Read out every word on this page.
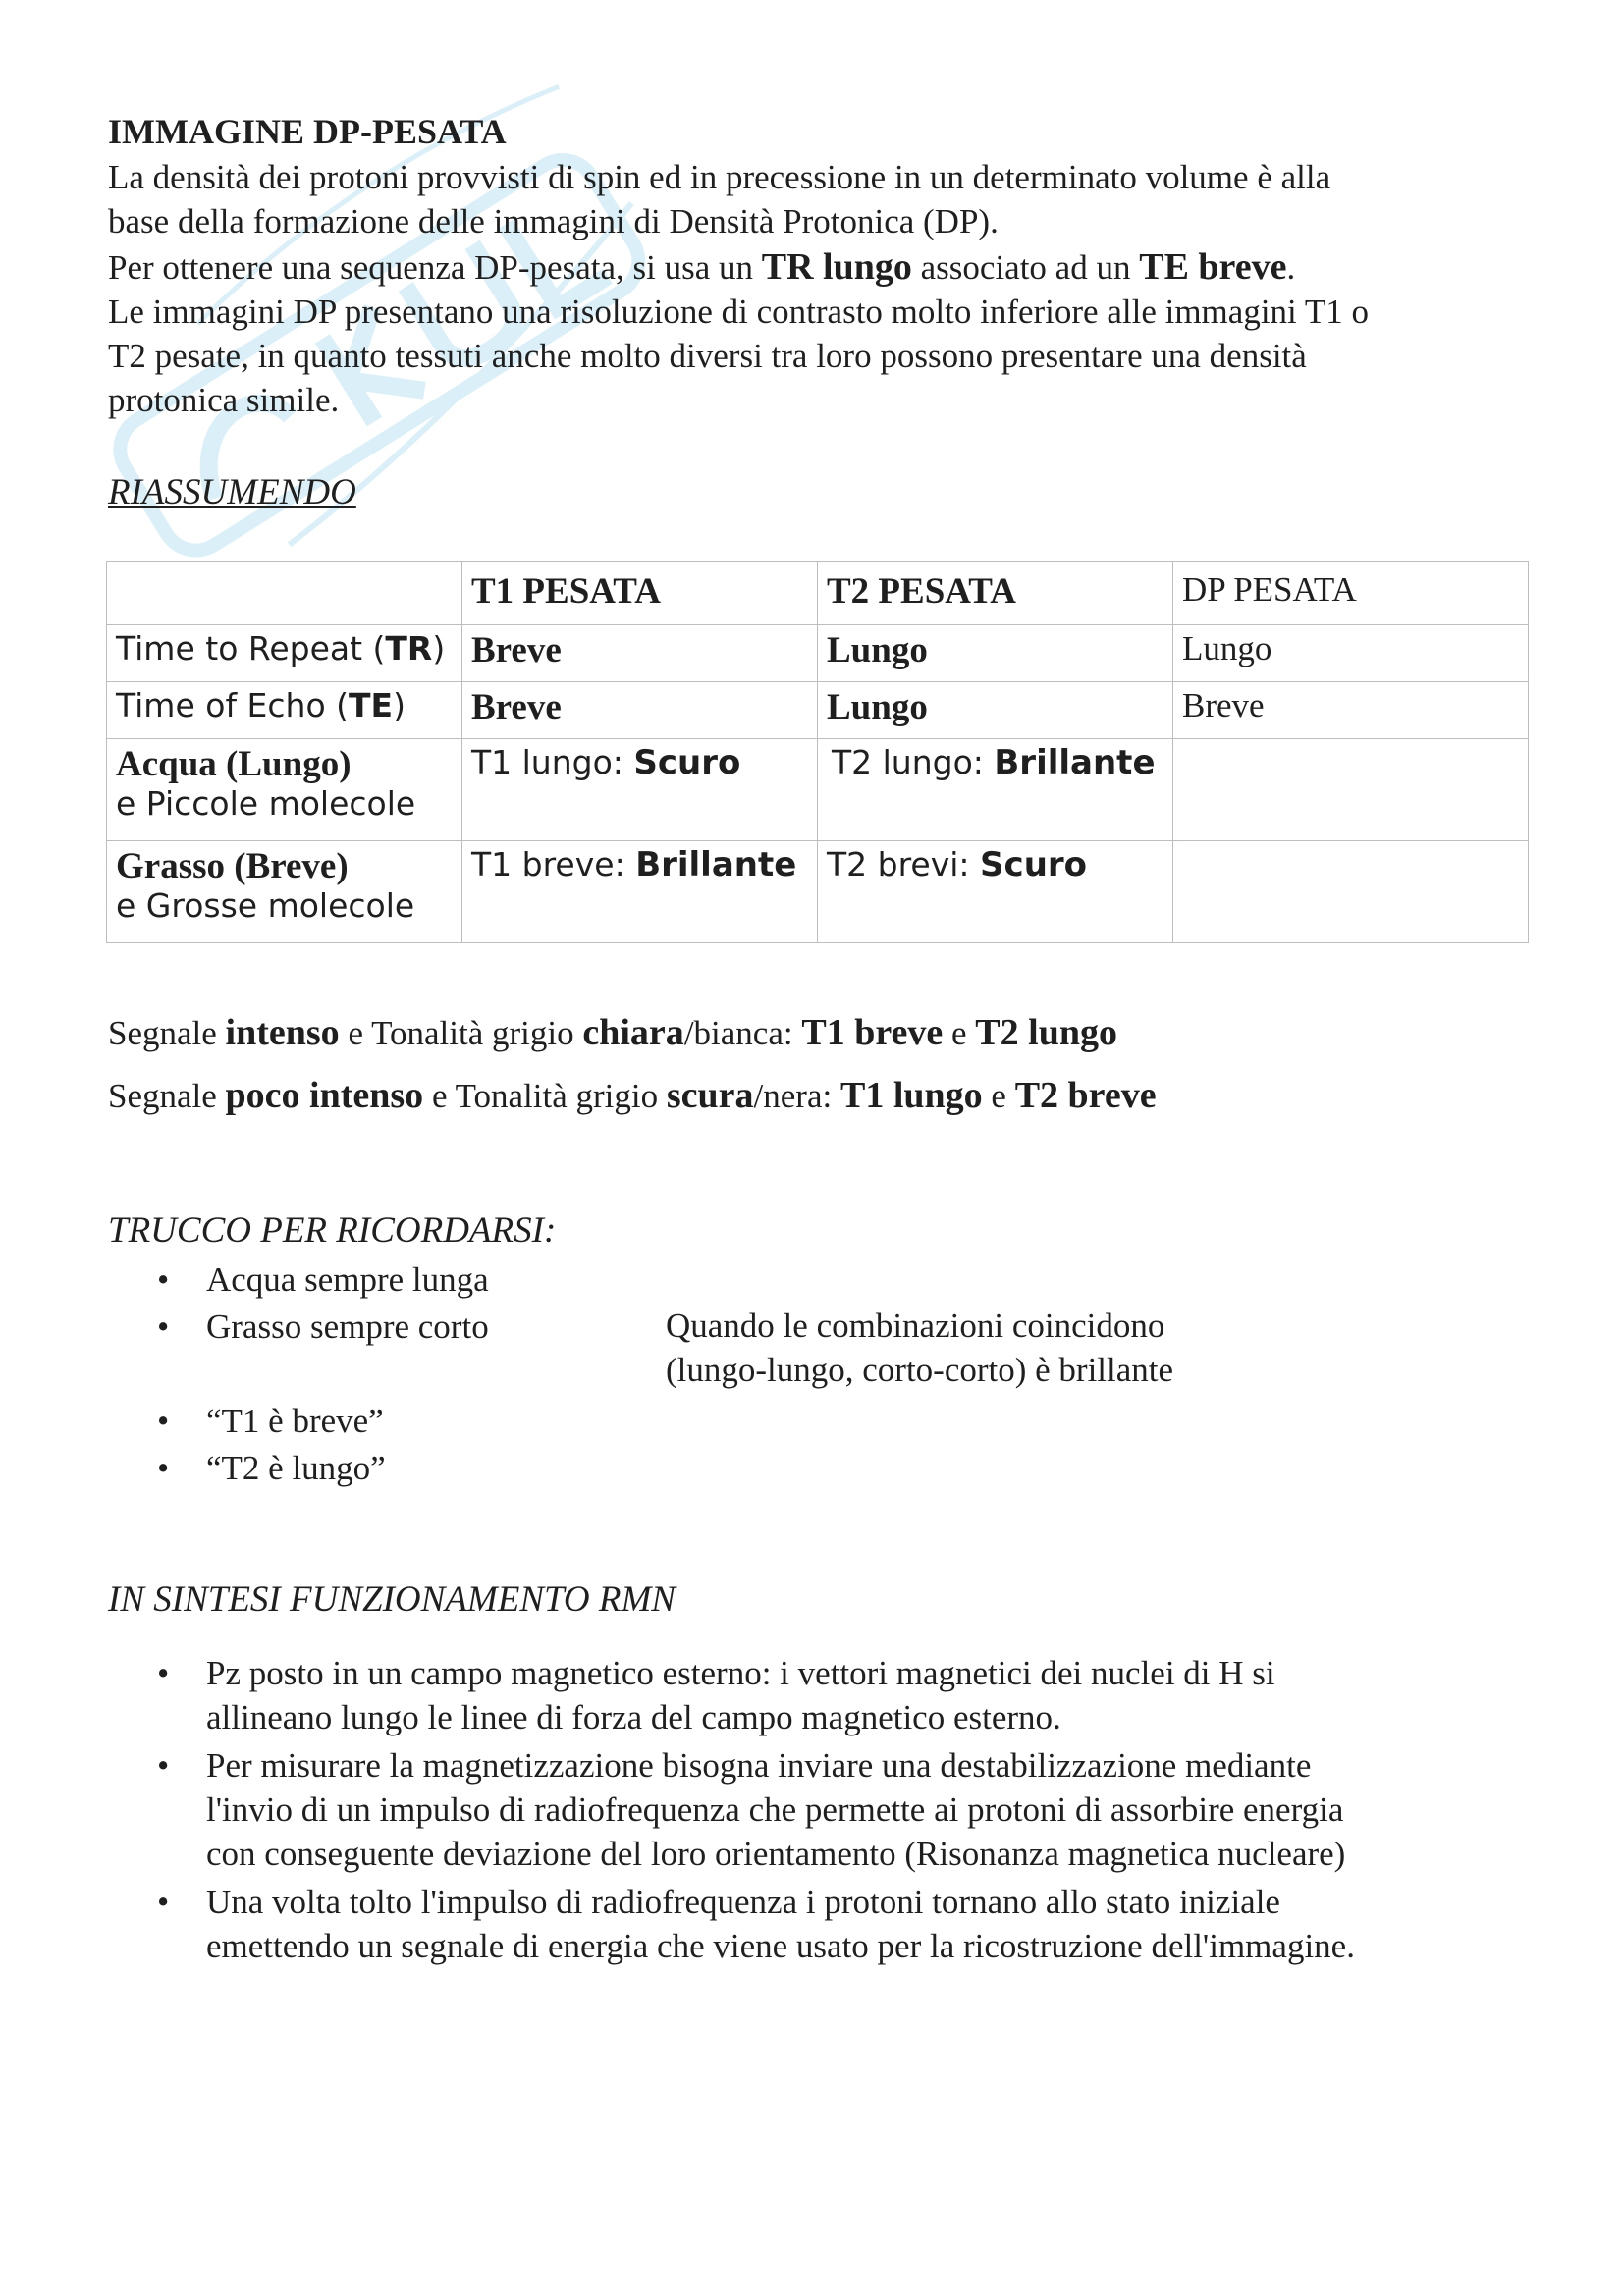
IMMAGINE DP-PESATA

La densità dei protoni provvisti di spin ed in precessione in un determinato volume è alla

base della formazione delle immagini di Densità Protonica (DP).

Per ottenere una sequenza DP-pesata, si usa un TR lungo associato ad un TE breve.

Le immagini DP presentano una risoluzione di contrasto molto inferiore alle immagini T1 o

T2 pesate, in quanto tessuti anche molto diversi tra loro possono presentare una densità

protonica simile.

RIASSUMENDO
	T1 PESATA	T2 PESATA	DP PESATA
Time to Repeat (TR)	Breve	Lungo	Lungo
Time of Echo (TE)	Breve	Lungo	Breve

Acqua (Lungo)
e Piccole molecole	T1 lungo: Scuro	T2 lungo: Brillante	

Grasso (Breve)
e Grosse molecole	T1 breve: Brillante	T2 brevi: Scuro	
Segnale intenso e Tonalità grigio chiara/bianca: T1 breve e T2 lungo
Segnale poco intenso e Tonalità grigio scura/nera: T1 lungo e T2 breve
TRUCCO PER RICORDARSI:
• Acqua sempre lunga
• Grasso sempre corto
• “T1 è breve”
• “T2 è lungo”
Quando le combinazioni coincidono
(lungo-lungo, corto-corto) è brillante
IN SINTESI FUNZIONAMENTO RMN
• Pz posto in un campo magnetico esterno: i vettori magnetici dei nuclei di H si
allineano lungo le linee di forza del campo magnetico esterno.
• Per misurare la magnetizzazione bisogna inviare una destabilizzazione mediante
l'invio di un impulso di radiofrequenza che permette ai protoni di assorbire energia
con conseguente deviazione del loro orientamento (Risonanza magnetica nucleare)
• Una volta tolto l'impulso di radiofrequenza i protoni tornano allo stato iniziale
emettendo un segnale di energia che viene usato per la ricostruzione dell'immagine.
